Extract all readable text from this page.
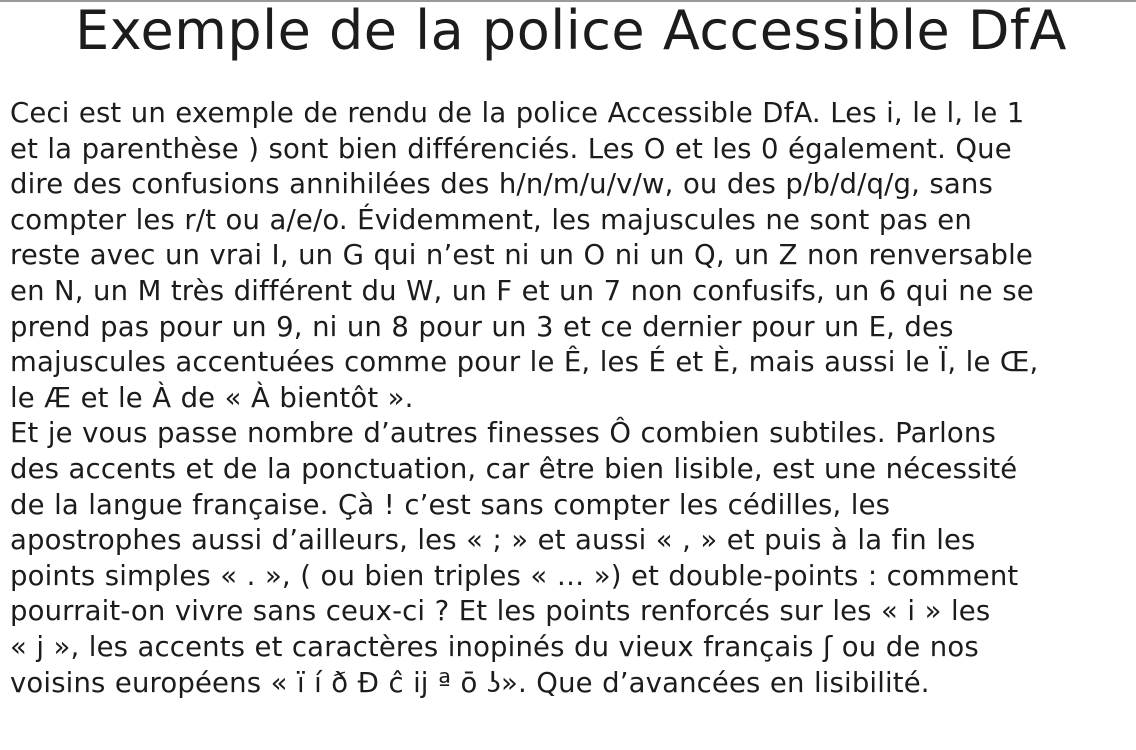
Exemple de la police Accessible DfA
Ceci est un exemple de rendu de la police Accessible DfA. Les i, le l, le 1
et la parenthèse ) sont bien différenciés. Les O et les 0 également. Que
dire des confusions annihilées des h/n/m/u/v/w, ou des p/b/d/q/g, sans
compter les r/t ou a/e/o. Évidemment, les majuscules ne sont pas en
reste avec un vrai I, un G qui n’est ni un O ni un Q, un Z non renversable
en N, un M très différent du W, un F et un 7 non confusifs, un 6 qui ne se
prend pas pour un 9, ni un 8 pour un 3 et ce dernier pour un E, des
majuscules accentuées comme pour le Ê, les É et È, mais aussi le Ï, le Œ,
le Æ et le À de « À bientôt ».
Et je vous passe nombre d’autres finesses Ô combien subtiles. Parlons
des accents et de la ponctuation, car être bien lisible, est une nécessité
de la langue française. Çà ! c’est sans compter les cédilles, les
apostrophes aussi d’ailleurs, les « ; » et aussi « , » et puis à la fin les
points simples « . », ( ou bien triples « … ») et double-points : comment
pourrait-on vivre sans ceux-ci ? Et les points renforcés sur les « i » les
« j », les accents et caractères inopinés du vieux français ʃ ou de nos
voisins européens « ï í ð Đ ĉ ĳ ª ō ʖ». Que d’avancées en lisibilité.
